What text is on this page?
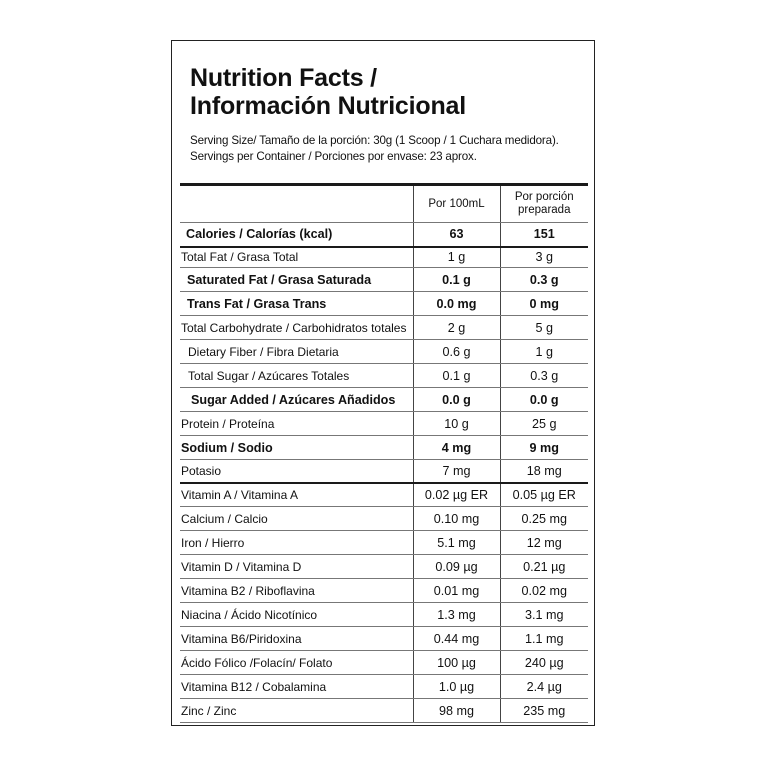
Nutrition Facts /
Información Nutricional
Serving Size/ Tamaño de la porción: 30g (1 Scoop / 1 Cuchara medidora).
Servings per Container / Porciones por envase: 23 aprox.
	Por 100mL	Por porción preparada
Calories / Calorías (kcal)	63	151
Total Fat / Grasa Total	1 g	3 g
Saturated Fat / Grasa Saturada	0.1 g	0.3 g
Trans Fat / Grasa Trans	0.0 mg	0 mg
Total Carbohydrate / Carbohidratos totales	2 g	5 g
Dietary Fiber / Fibra Dietaria	0.6 g	1 g
Total Sugar / Azúcares Totales	0.1 g	0.3 g
Sugar Added / Azúcares Añadidos	0.0 g	0.0 g
Protein / Proteína	10 g	25 g
Sodium / Sodio	4 mg	9 mg
Potasio	7 mg	18 mg
Vitamin A / Vitamina A	0.02 µg ER	0.05 µg ER
Calcium / Calcio	0.10 mg	0.25 mg
Iron / Hierro	5.1 mg	12 mg
Vitamin D / Vitamina D	0.09 µg	0.21 µg
Vitamina B2 / Riboflavina	0.01 mg	0.02 mg
Niacina / Ácido Nicotínico	1.3 mg	3.1 mg
Vitamina B6/Piridoxina	0.44 mg	1.1 mg
Ácido Fólico /Folacín/ Folato	100 µg	240 µg
Vitamina B12 / Cobalamina	1.0 µg	2.4 µg
Zinc / Zinc	98 mg	235 mg
